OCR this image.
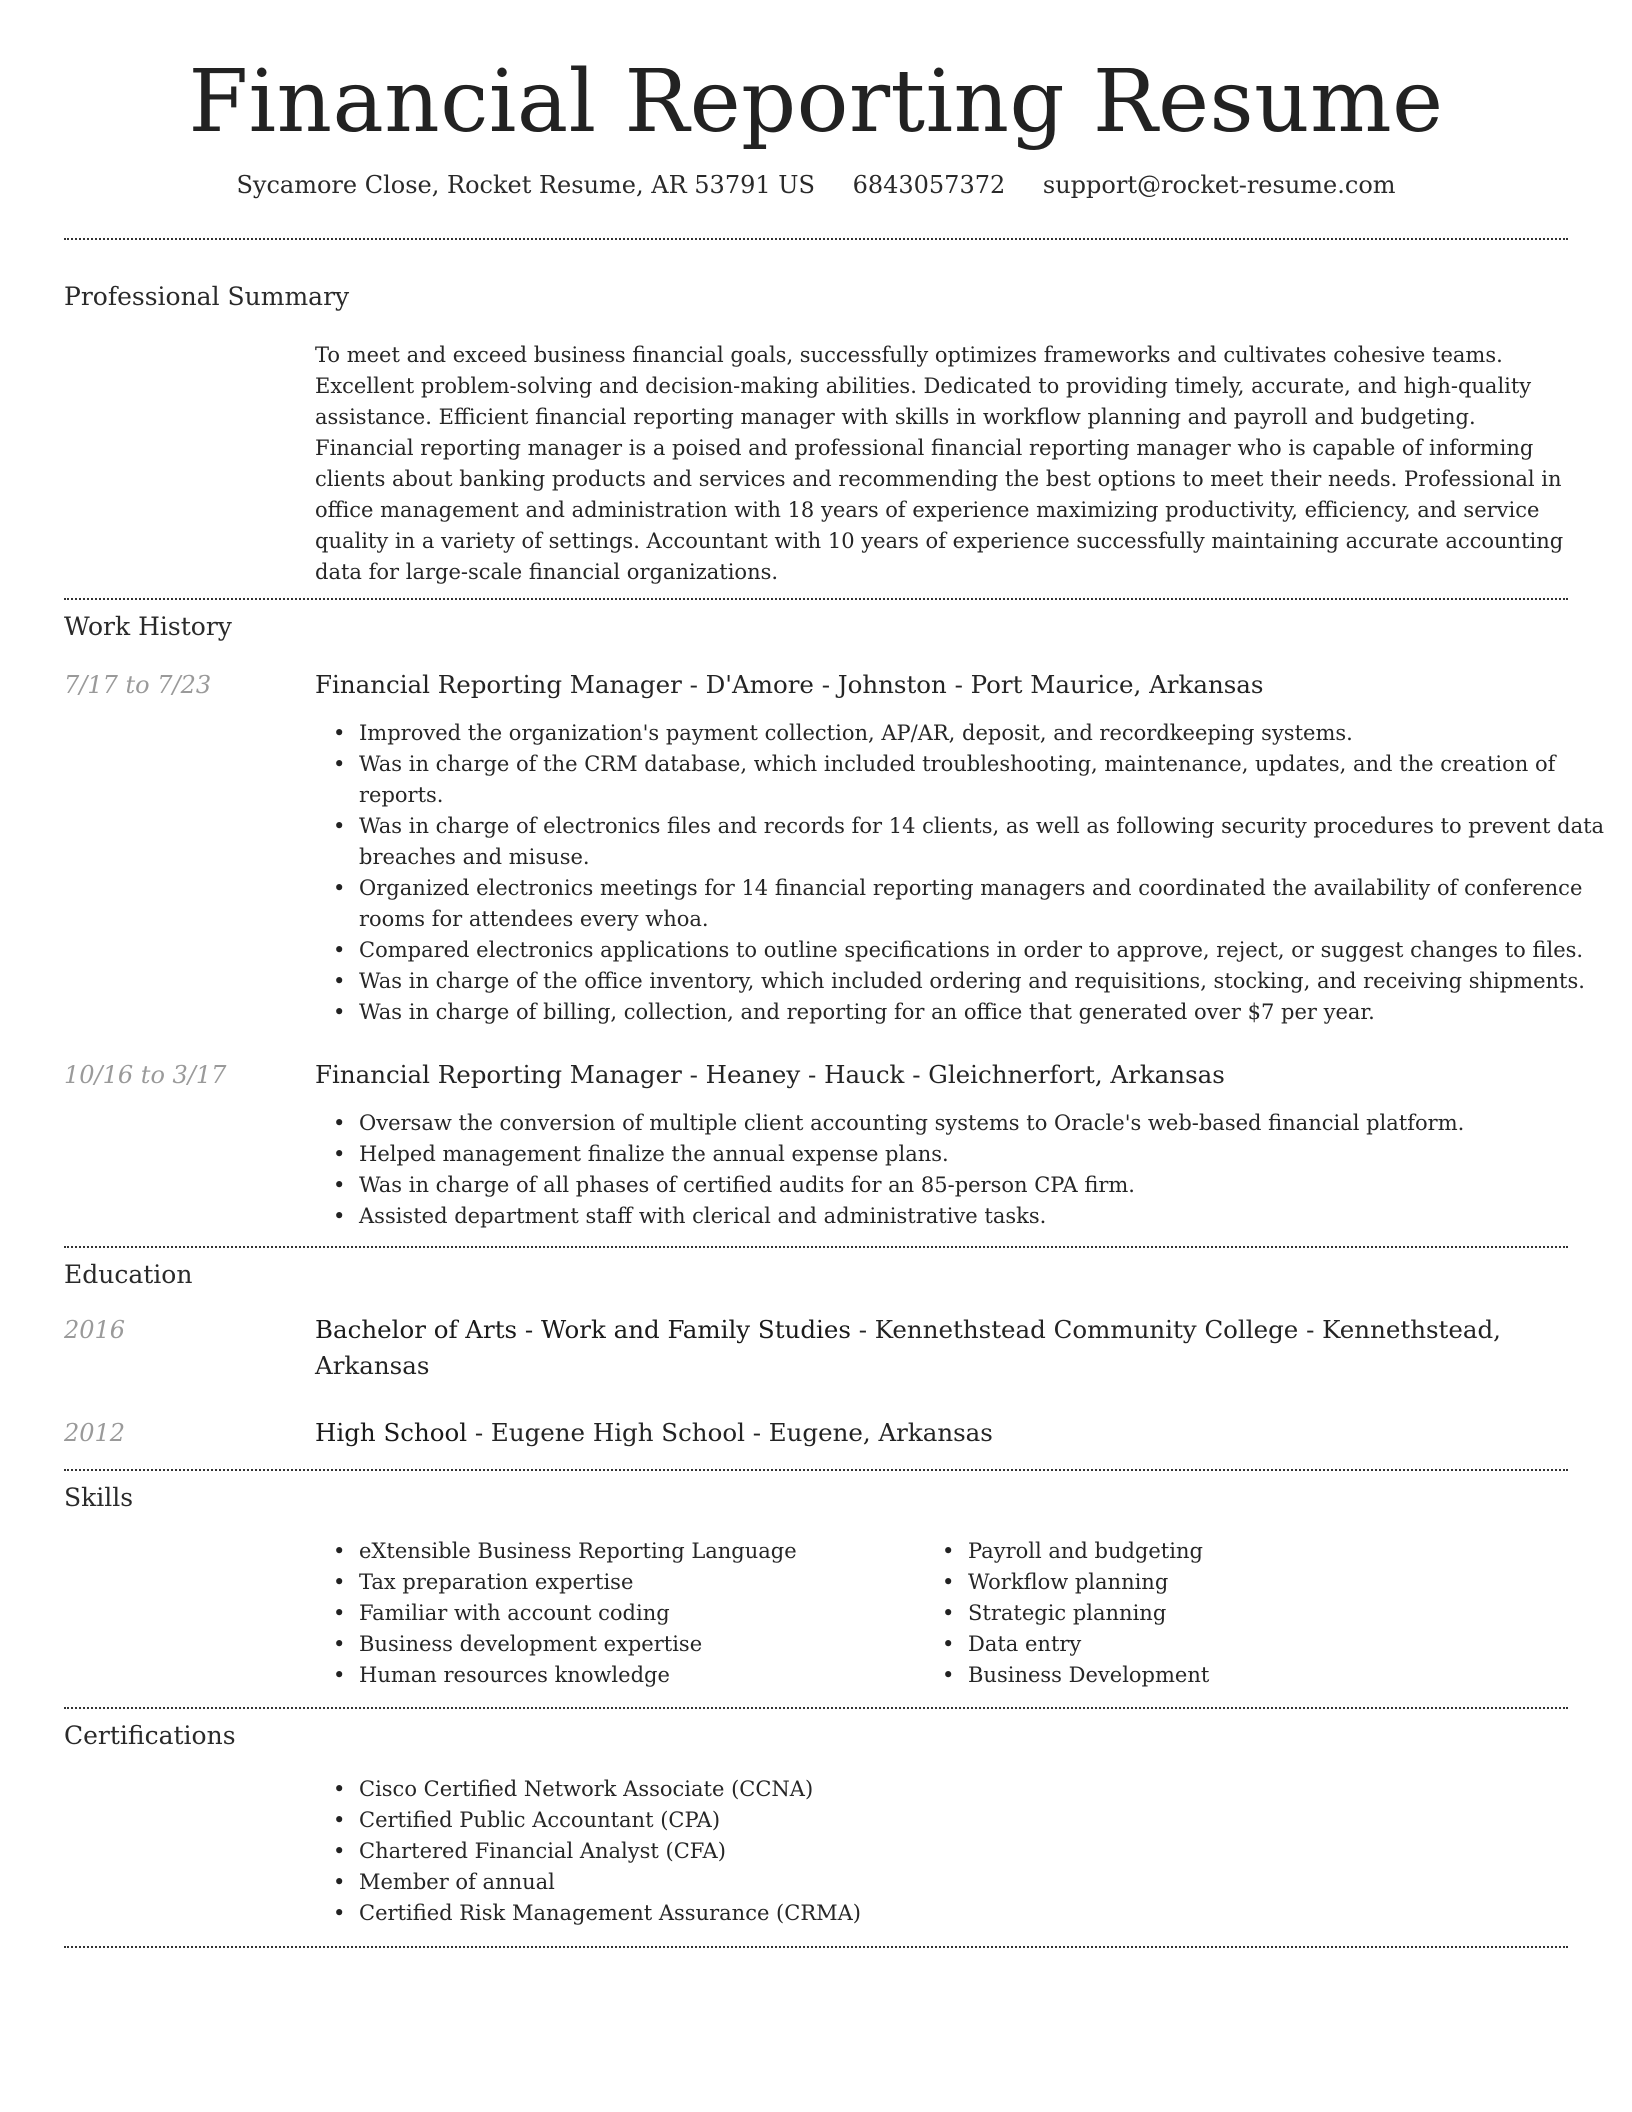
Financial Reporting Resume
Sycamore Close, Rocket Resume, AR 53791 US 6843057372 support@rocket-resume.com
Professional Summary
To meet and exceed business financial goals, successfully optimizes frameworks and cultivates cohesive teams. Excellent problem-solving and decision-making abilities. Dedicated to providing timely, accurate, and high-quality assistance. Efficient financial reporting manager with skills in workflow planning and payroll and budgeting. Financial reporting manager is a poised and professional financial reporting manager who is capable of informing clients about banking products and services and recommending the best options to meet their needs. Professional in office management and administration with 18 years of experience maximizing productivity, efficiency, and service quality in a variety of settings. Accountant with 10 years of experience successfully maintaining accurate accounting data for large-scale financial organizations.
Work History
7/17 to 7/23	Financial Reporting Manager - D'Amore - Johnston - Port Maurice, Arkansas
• Improved the organization's payment collection, AP/AR, deposit, and recordkeeping systems.
• Was in charge of the CRM database, which included troubleshooting, maintenance, updates, and the creation of reports.
• Was in charge of electronics files and records for 14 clients, as well as following security procedures to prevent data breaches and misuse.
• Organized electronics meetings for 14 financial reporting managers and coordinated the availability of conference rooms for attendees every whoa.
• Compared electronics applications to outline specifications in order to approve, reject, or suggest changes to files.
• Was in charge of the office inventory, which included ordering and requisitions, stocking, and receiving shipments.
• Was in charge of billing, collection, and reporting for an office that generated over $7 per year.
10/16 to 3/17	Financial Reporting Manager - Heaney - Hauck - Gleichnerfort, Arkansas
• Oversaw the conversion of multiple client accounting systems to Oracle's web-based financial platform.
• Helped management finalize the annual expense plans.
• Was in charge of all phases of certified audits for an 85-person CPA firm.
• Assisted department staff with clerical and administrative tasks.
Education
2016	Bachelor of Arts - Work and Family Studies - Kennethstead Community College - Kennethstead,
Arkansas
2012	High School - Eugene High School - Eugene, Arkansas
Skills
• eXtensible Business Reporting Language
• Tax preparation expertise
• Familiar with account coding
• Business development expertise
• Human resources knowledge
• Payroll and budgeting
• Workflow planning
• Strategic planning
• Data entry
• Business Development
Certifications
• Cisco Certified Network Associate (CCNA)
• Certified Public Accountant (CPA)
• Chartered Financial Analyst (CFA)
• Member of annual
• Certified Risk Management Assurance (CRMA)
